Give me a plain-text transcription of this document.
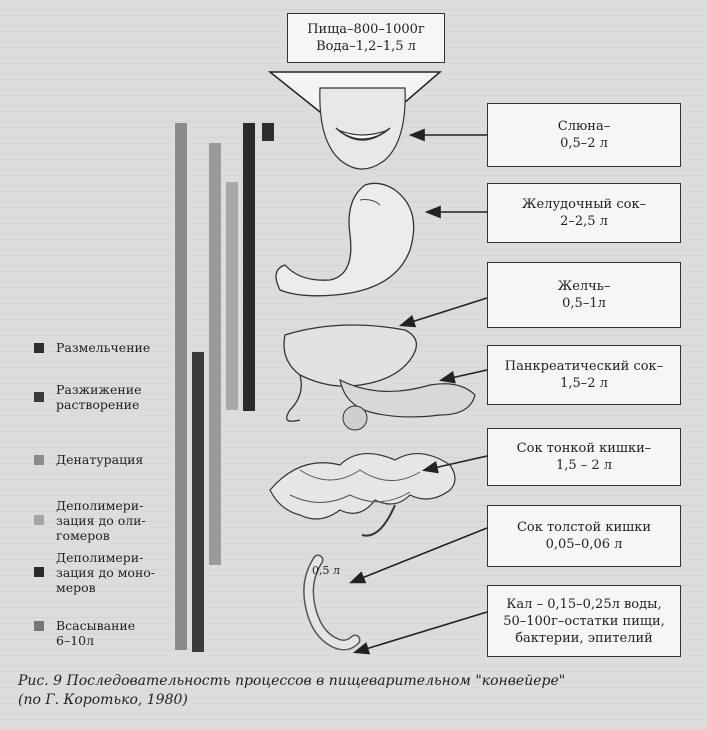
0,5 л
Пища–800–1000г
Вода–1,2–1,5 л
Слюна–
0,5–2 л
Желудочный сок–
2–2,5 л
Желчь–
0,5–1л
Панкреатический сок–
1,5–2 л
Сок тонкой кишки–
1,5 – 2 л
Сок толстой кишки
0,05–0,06 л
Кал – 0,15–0,25л воды,
50–100г–остатки пищи,
бактерии, эпителий
Размельчение
Разжижение
растворение
Денатурация
Деполимери-
зация до оли-
гомеров
Деполимери-
зация до моно-
меров
Всасывание
6–10л
Рис. 9 Последовательность процессов в пищеварительном "конвейере"
(по Г. Коротько, 1980)
